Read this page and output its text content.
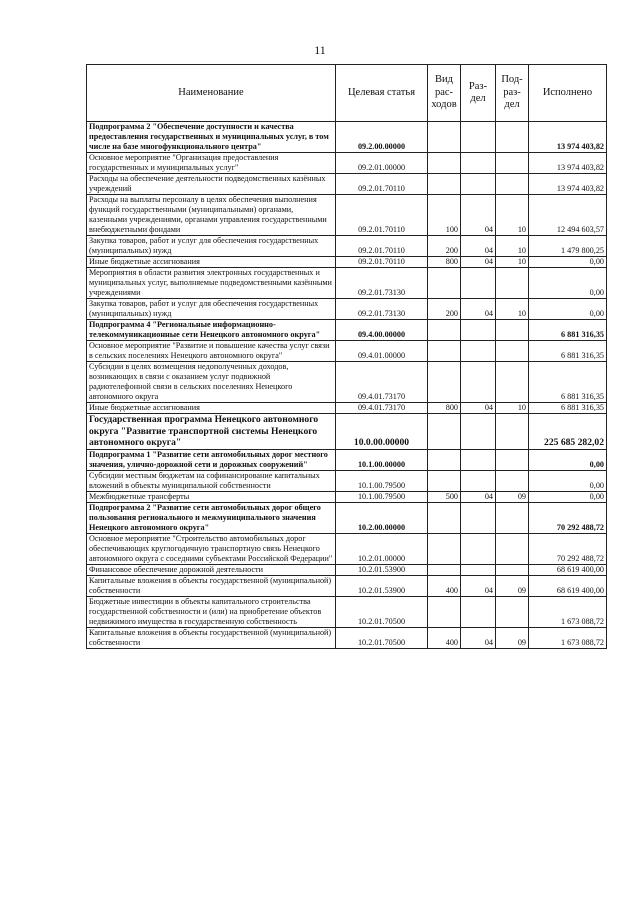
11
Наименование	Целевая статья	Вид рас-ходов	Раз-дел	Под-раз-дел	Исполнено
Подпрограмма 2 "Обеспечение доступности и качества предоставления государственных и муниципальных услуг, в том числе на базе многофункционального центра"	09.2.00.00000				13 974 403,82
Основное мероприятие "Организация предоставления государственных и муниципальных услуг"	09.2.01.00000				13 974 403,82
Расходы на обеспечение деятельности подведомственных казённых учреждений	09.2.01.70110				13 974 403,82
Расходы на выплаты персоналу в целях обеспечения выполнения функций государственными (муниципальными) органами, казенными учреждениями, органами управления государственными внебюджетными фондами	09.2.01.70110	100	04	10	12 494 603,57
Закупка товаров, работ и услуг для обеспечения государственных (муниципальных) нужд	09.2.01.70110	200	04	10	1 479 800,25
Иные бюджетные ассигнования	09.2.01.70110	800	04	10	0,00
Мероприятия в области развития электронных государственных и муниципальных услуг, выполняемые подведомственными казёнными учреждениями	09.2.01.73130				0,00
Закупка товаров, работ и услуг для обеспечения государственных (муниципальных) нужд	09.2.01.73130	200	04	10	0,00
Подпрограмма 4 "Региональные информационно-телекоммуникационные сети Ненецкого автономного округа"	09.4.00.00000				6 881 316,35
Основное мероприятие "Развитие и повышение качества услуг связи в сельских поселениях Ненецкого автономного округа"	09.4.01.00000				6 881 316,35
Субсидии в целях возмещения недополученных доходов, возникающих в связи с оказанием услуг подвижной радиотелефонной связи в сельских поселениях Ненецкого автономного округа	09.4.01.73170				6 881 316,35
Иные бюджетные ассигнования	09.4.01.73170	800	04	10	6 881 316,35
Государственная программа Ненецкого автономного округа "Развитие транспортной системы Ненецкого автономного округа"	10.0.00.00000				225 685 282,02
Подпрограмма 1 "Развитие сети автомобильных дорог местного значения, улично-дорожной сети и дорожных сооружений"	10.1.00.00000				0,00
Субсидии местным бюджетам на софинансирование капитальных вложений в объекты муниципальной собственности	10.1.00.79500				0,00
Межбюджетные трансферты	10.1.00.79500	500	04	09	0,00
Подпрограмма 2 "Развитие сети автомобильных дорог общего пользования регионального и межмуниципального значения Ненецкого автономного округа"	10.2.00.00000				70 292 488,72
Основное мероприятие "Строительство автомобильных дорог обеспечивающих круглогодичную транспортную связь Ненецкого автономного округа с соседними субъектами Российской Федерации"	10.2.01.00000				70 292 488,72
Финансовое обеспечение дорожной деятельности	10.2.01.53900				68 619 400,00
Капитальные вложения в объекты государственной (муниципальной) собственности	10.2.01.53900	400	04	09	68 619 400,00
Бюджетные инвестиции в объекты капитального строительства государственной собственности и (или) на приобретение объектов недвижимого имущества в государственную собственность	10.2.01.70500				1 673 088,72
Капитальные вложения в объекты государственной (муниципальной) собственности	10.2.01.70500	400	04	09	1 673 088,72
